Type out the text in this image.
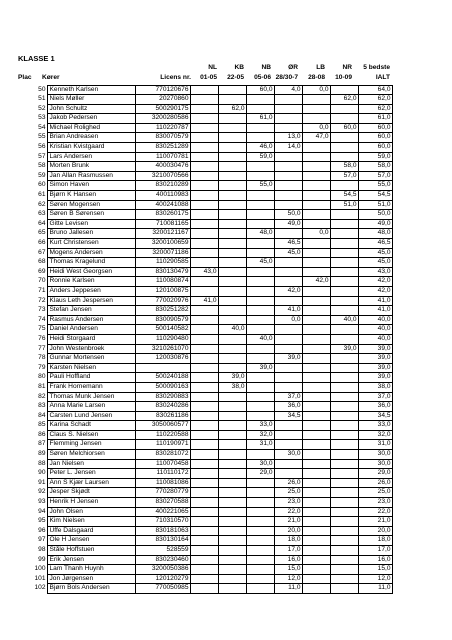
KLASSE 1
NL	KB	NB	ØR	LB	NR	5 bedste
Plac	Kører	Licens nr.	01-05	22-05	05-06 28/30-7	28-08	10-09	IALT
50	Kenneth Karlsen	770120676			60,0	4,0	0,0		64,0
51	Niels Møller	20270860						62,0	62,0
52	John Schultz	500290175		62,0					62,0
53	Jakob Pedersen	3200280586			61,0				61,0
54	Michael Rolighed	110220787					0,0	60,0	60,0
55	Brian Andreasen	830070579				13,0	47,0		60,0
56	Kristian Kvistgaard	830251289			46,0	14,0			60,0
57	Lars Andersen	110070781			59,0				59,0
58	Morten Brunk	400030476						58,0	58,0
59	Jan Allan Rasmussen	3210070566						57,0	57,0
60	Simon Haven	830210289			55,0				55,0
61	Bjørn K Hansen	400110983						54,5	54,5
62	Søren Mogensen	400241088						51,0	51,0
63	Søren B Sørensen	830260175				50,0			50,0
64	Gitte Levisen	710081165				49,0			49,0
65	Bruno Jallesen	3200121167			48,0		0,0		48,0
66	Kurt Christensen	3200100659				46,5			46,5
67	Mogens Andersen	3200071186				45,0			45,0
68	Thomas Kragelund	110290585			45,0				45,0
69	Heidi West Georgsen	830130479	43,0						43,0
70	Ronnie Karlsen	110080874					42,0		42,0
71	Anders Jeppesen	120100875				42,0			42,0
72	Klaus Leth Jespersen	770020976	41,0						41,0
73	Stefan Jensen	830251282				41,0			41,0
74	Rasmus Andersen	830090579				0,0		40,0	40,0
75	Daniel Andersen	500140582		40,0					40,0
76	Heidi Storgaard	110290480			40,0				40,0
77	John Westenbroek	3210261070						39,0	39,0
78	Gunnar Mortensen	120030876				39,0			39,0
79	Karsten Nielsen				39,0				39,0
80	Pauli Hoffland	500240188		39,0					39,0
81	Frank Hornemann	500090163		38,0					38,0
82	Thomas Munk Jensen	830290883				37,0			37,0
83	Anna Marie Larsen	830240286				36,0			36,0
84	Carsten Lund Jensen	830261186				34,5			34,5
85	Karina Schadt	3050060577			33,0				33,0
86	Claus S. Nielsen	110220588			32,0				32,0
87	Flemming Jensen	110190971			31,0				31,0
89	Søren Melchiorsen	830281072				30,0			30,0
88	Jan Nielsen	110070458			30,0				30,0
90	Peter L. Jensen	110110172			29,0				29,0
91	Ann S Kjær Laursen	110081086				26,0			26,0
92	Jesper Skjødt	770280779				25,0			25,0
93	Henrik H Jensen	830270588				23,0			23,0
94	John Olsen	400221065				22,0			22,0
95	Kim Nielsen	710310570				21,0			21,0
96	Uffe Dalsgaard	830181063				20,0			20,0
97	Ole H Jensen	830130164				18,0			18,0
98	Ståle Hoffstuen	528559				17,0			17,0
99	Erik Jensen	830230460				16,0			16,0
100	Lam Thanh Huynh	3200050386				15,0			15,0
101	Jon Jørgensen	120120279				12,0			12,0
102	Bjørn Bols Andersen	770050985				11,0			11,0
